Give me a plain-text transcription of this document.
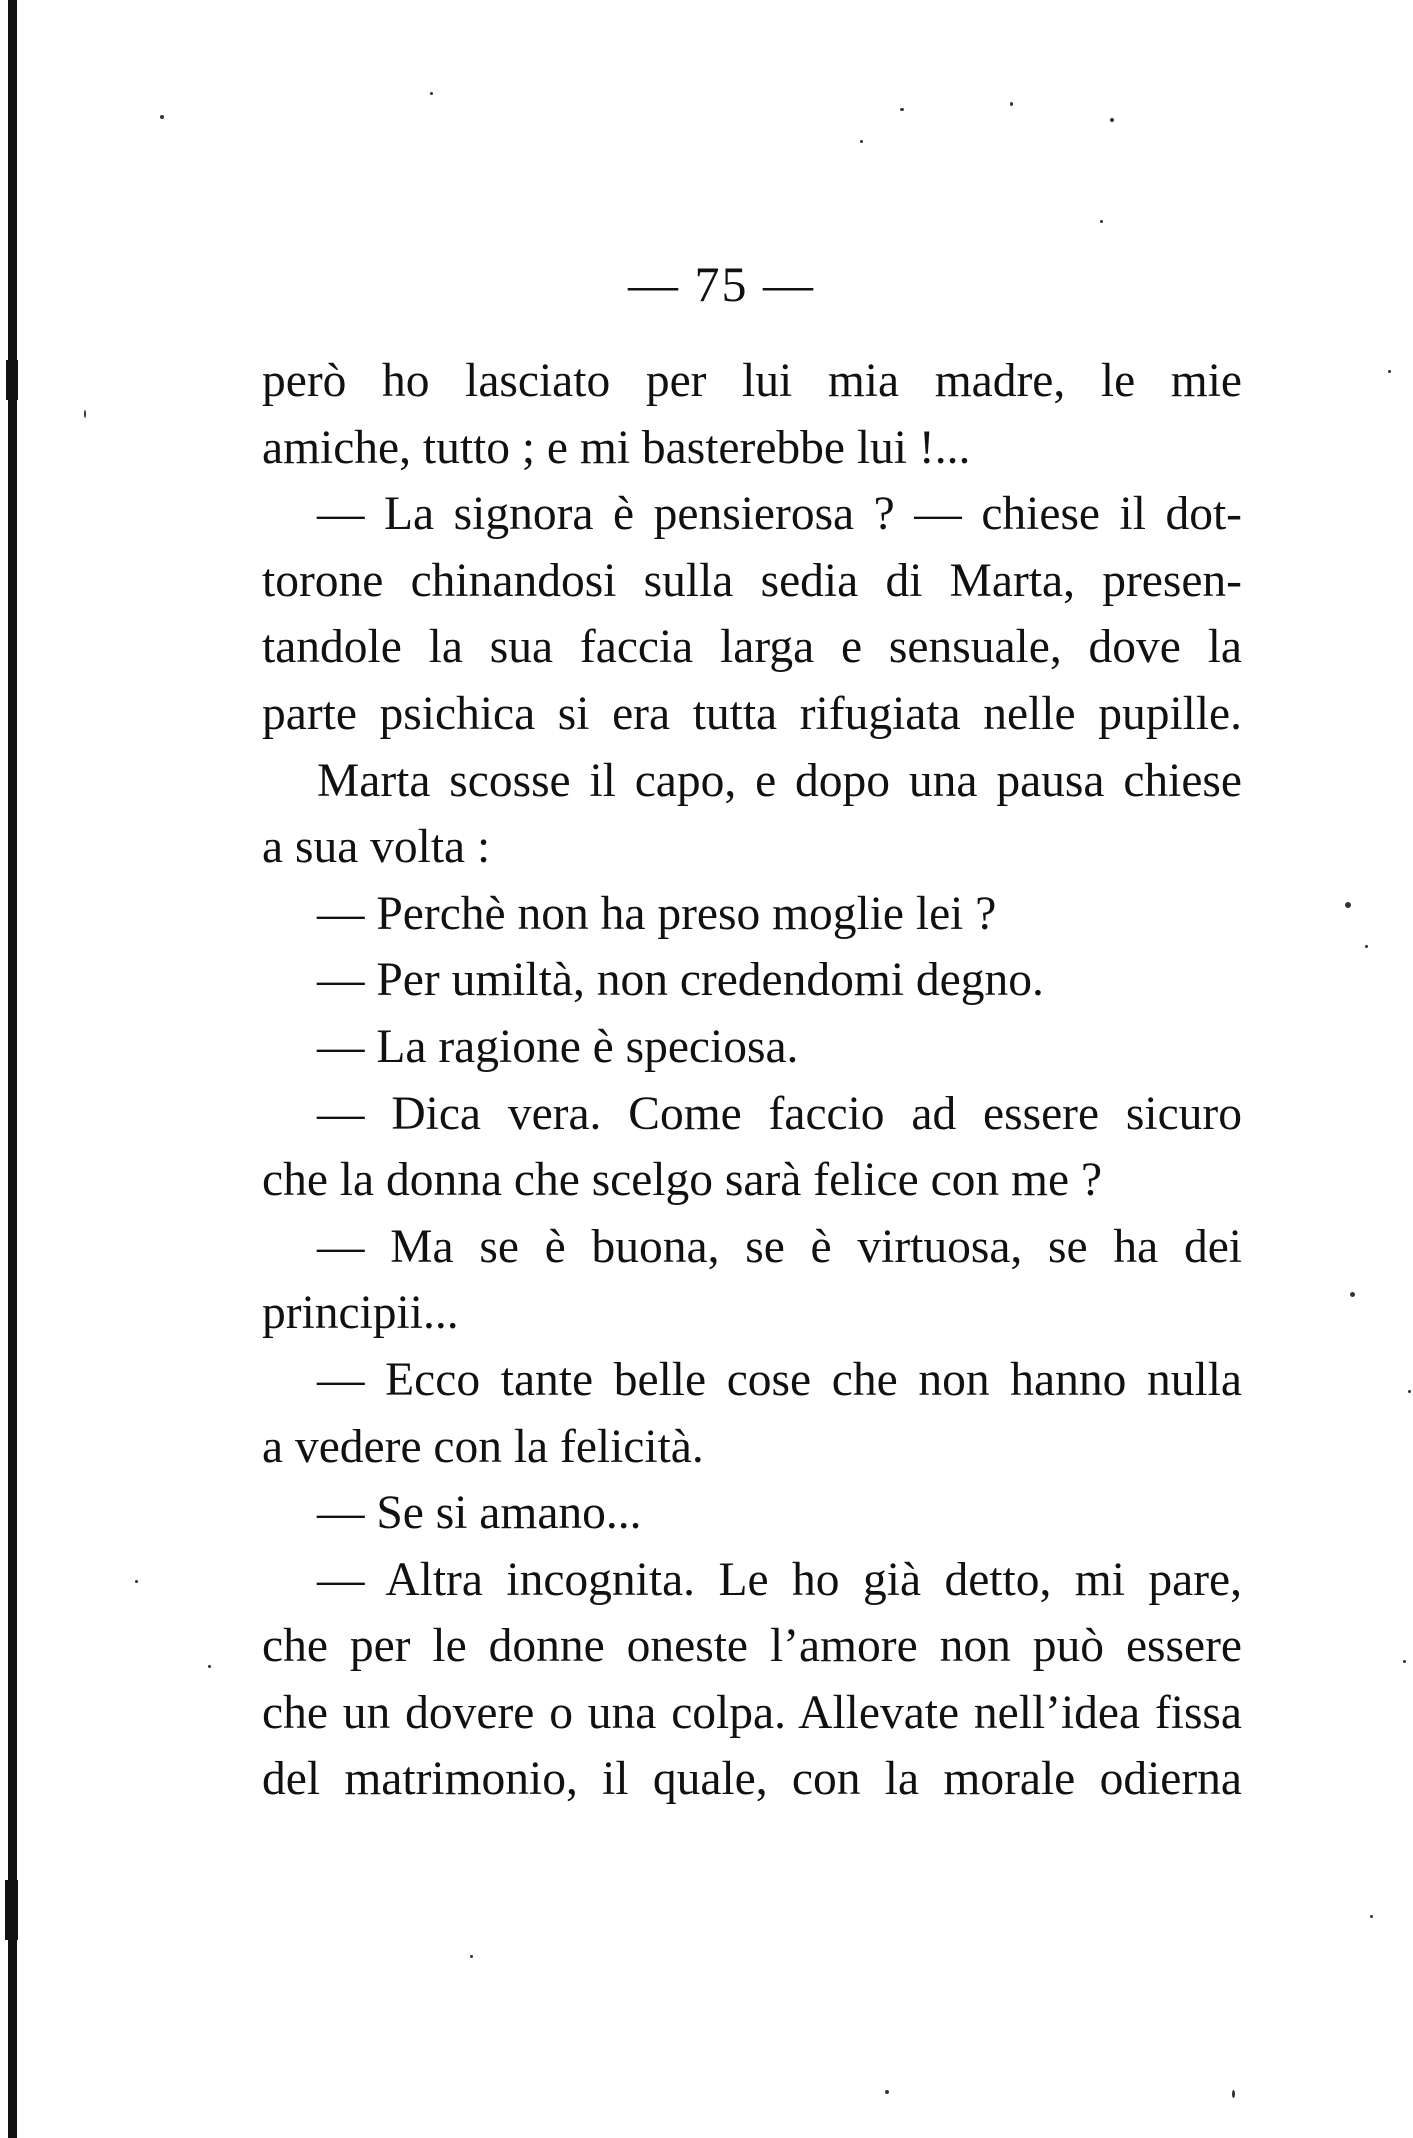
— 75 —
però ho lasciato per lui mia madre, le mie
amiche, tutto ; e mi basterebbe lui !...
— La signora è pensierosa ? — chiese il dot-
torone chinandosi sulla sedia di Marta, presen-
tandole la sua faccia larga e sensuale, dove la
parte psichica si era tutta rifugiata nelle pupille.
Marta scosse il capo, e dopo una pausa chiese
a sua volta :
— Perchè non ha preso moglie lei ?
— Per umiltà, non credendomi degno.
— La ragione è speciosa.
— Dica vera. Come faccio ad essere sicuro
che la donna che scelgo sarà felice con me ?
— Ma se è buona, se è virtuosa, se ha dei
principii...
— Ecco tante belle cose che non hanno nulla
a vedere con la felicità.
— Se si amano...
— Altra incognita. Le ho già detto, mi pare,
che per le donne oneste l’amore non può essere
che un dovere o una colpa. Allevate nell’idea fissa
del matrimonio, il quale, con la morale odierna
